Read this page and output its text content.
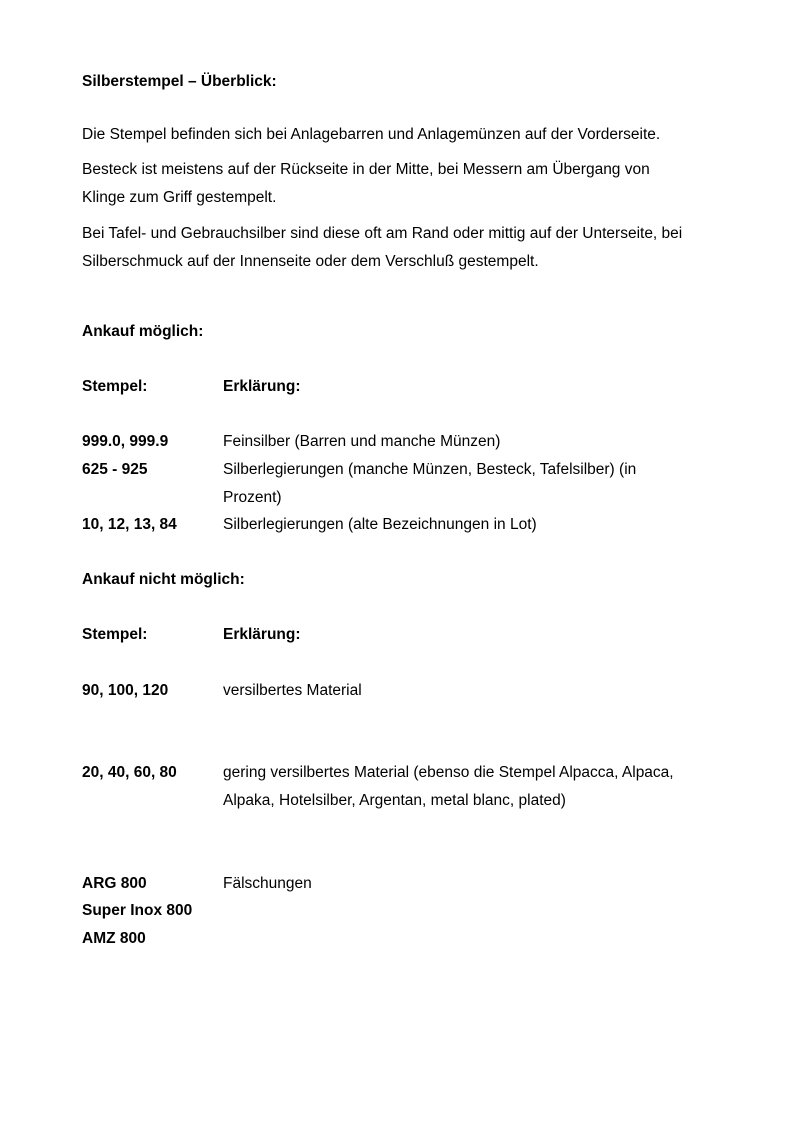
Silberstempel – Überblick:
Die Stempel befinden sich bei Anlagebarren und Anlagemünzen auf der Vorderseite.
Besteck ist meistens auf der Rückseite in der Mitte, bei Messern am Übergang von
Klinge zum Griff gestempelt.
Bei Tafel- und Gebrauchsilber sind diese oft am Rand oder mittig auf der Unterseite, bei
Silberschmuck auf der Innenseite oder dem Verschluß gestempelt.
Ankauf möglich:
Stempel:	Erklärung:
999.0, 999.9	Feinsilber (Barren und manche Münzen)
625 - 925	Silberlegierungen (manche Münzen, Besteck, Tafelsilber) (in
Prozent)
10, 12, 13, 84	Silberlegierungen (alte Bezeichnungen in Lot)
Ankauf nicht möglich:
Stempel:	Erklärung:
90, 100, 120	versilbertes Material
20, 40, 60, 80	gering versilbertes Material (ebenso die Stempel Alpacca, Alpaca,
Alpaka, Hotelsilber, Argentan, metal blanc, plated)
ARG 800	Fälschungen
Super Inox 800
AMZ 800
